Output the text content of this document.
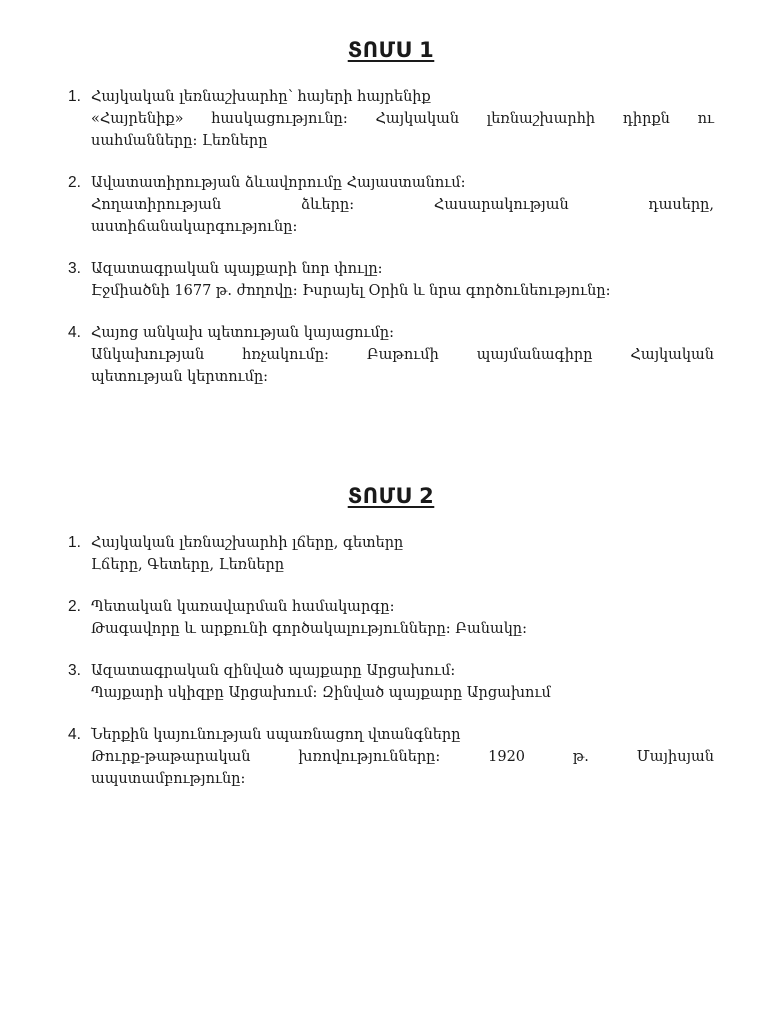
ՏՈՄՍ 1
1. Հայկական լեռնաշխարհը՝ հայերի հայրենիք
«Հայրենիք» հասկացությունը: Հայկական լեռնաշխարհի դիրքն ու
սահմանները: Լեռները
2. Ավատատիրության ձևավորումը Հայաստանում:
Հողատիրության ձևերը: Հասարակության դասերը,
աստիճանակարգությունը:
3. Ազատագրական պայքարի նոր փուլը:
Էջմիածնի 1677 թ. ժողովը: Իսրայել Օրին և նրա գործունեությունը:
4. Հայոց անկախ պետության կայացումը:
Անկախության հռչակումը: Բաթումի պայմանագիրը Հայկական
պետության կերտումը:
ՏՈՄՍ 2
1. Հայկական լեռնաշխարհի լճերը, գետերը
Լճերը, Գետերը, Լեռները
2. Պետական կառավարման համակարգը:
Թագավորը և արքունի գործակալությունները: Բանակը:
3. Ազատագրական զինված պայքարը Արցախում:
Պայքարի սկիզբը Արցախում: Զինված պայքարը Արցախում
4. Ներքին կայունության սպառնացող վտանգները
Թուրք-թաթարական խռովությունները: 1920 թ. Մայիսյան
ապստամբությունը:
